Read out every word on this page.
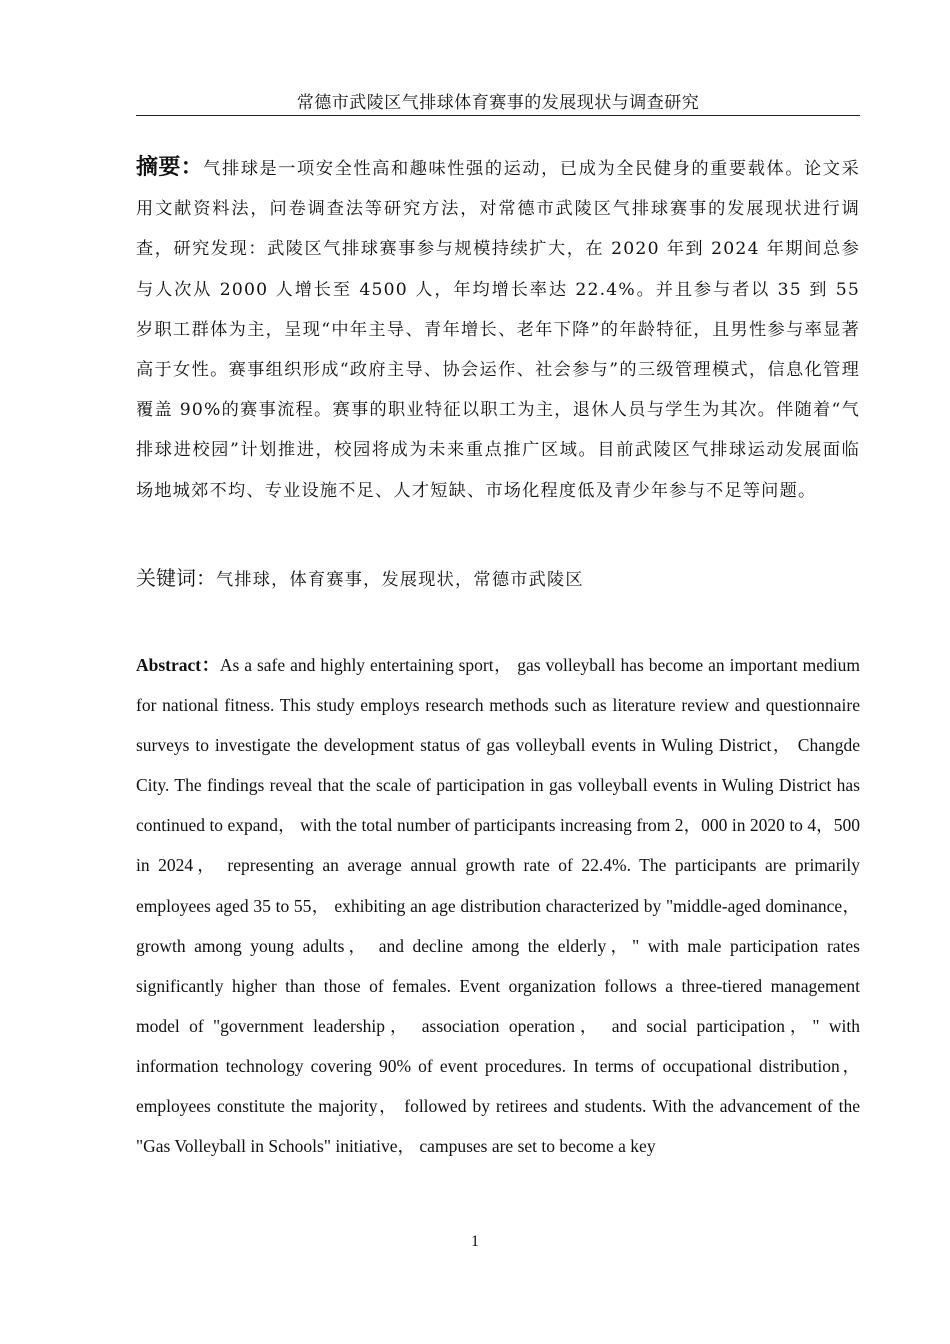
常德市武陵区气排球体育赛事的发展现状与调查研究
摘要：气排球是一项安全性高和趣味性强的运动，已成为全民健身的重要载体。论文采用文献资料法，问卷调查法等研究方法，对常德市武陵区气排球赛事的发展现状进行调查，研究发现：武陵区气排球赛事参与规模持续扩大，在 2020 年到 2024 年期间总参与人次从 2000 人增长至 4500 人，年均增长率达 22.4%。并且参与者以 35 到 55 岁职工群体为主，呈现“中年主导、青年增长、老年下降”的年龄特征，且男性参与率显著高于女性。赛事组织形成“政府主导、协会运作、社会参与”的三级管理模式，信息化管理覆盖 90%的赛事流程。赛事的职业特征以职工为主，退休人员与学生为其次。伴随着“气排球进校园”计划推进，校园将成为未来重点推广区域。目前武陵区气排球运动发展面临场地城郊不均、专业设施不足、人才短缺、市场化程度低及青少年参与不足等问题。
关键词：气排球，体育赛事，发展现状，常德市武陵区
Abstract：As a safe and highly entertaining sport， gas volleyball has become an important medium for national fitness. This study employs research methods such as literature review and questionnaire surveys to investigate the development status of gas volleyball events in Wuling District， Changde City. The findings reveal that the scale of participation in gas volleyball events in Wuling District has continued to expand， with the total number of participants increasing from 2，000 in 2020 to 4，500 in 2024， representing an average annual growth rate of 22.4%. The participants are primarily employees aged 35 to 55， exhibiting an age distribution characterized by "middle-aged dominance， growth among young adults， and decline among the elderly，" with male participation rates significantly higher than those of females. Event organization follows a three-tiered management model of "government leadership， association operation， and social participation，" with information technology covering 90% of event procedures. In terms of occupational distribution， employees constitute the majority， followed by retirees and students. With the advancement of the "Gas Volleyball in Schools" initiative， campuses are set to become a key
1
